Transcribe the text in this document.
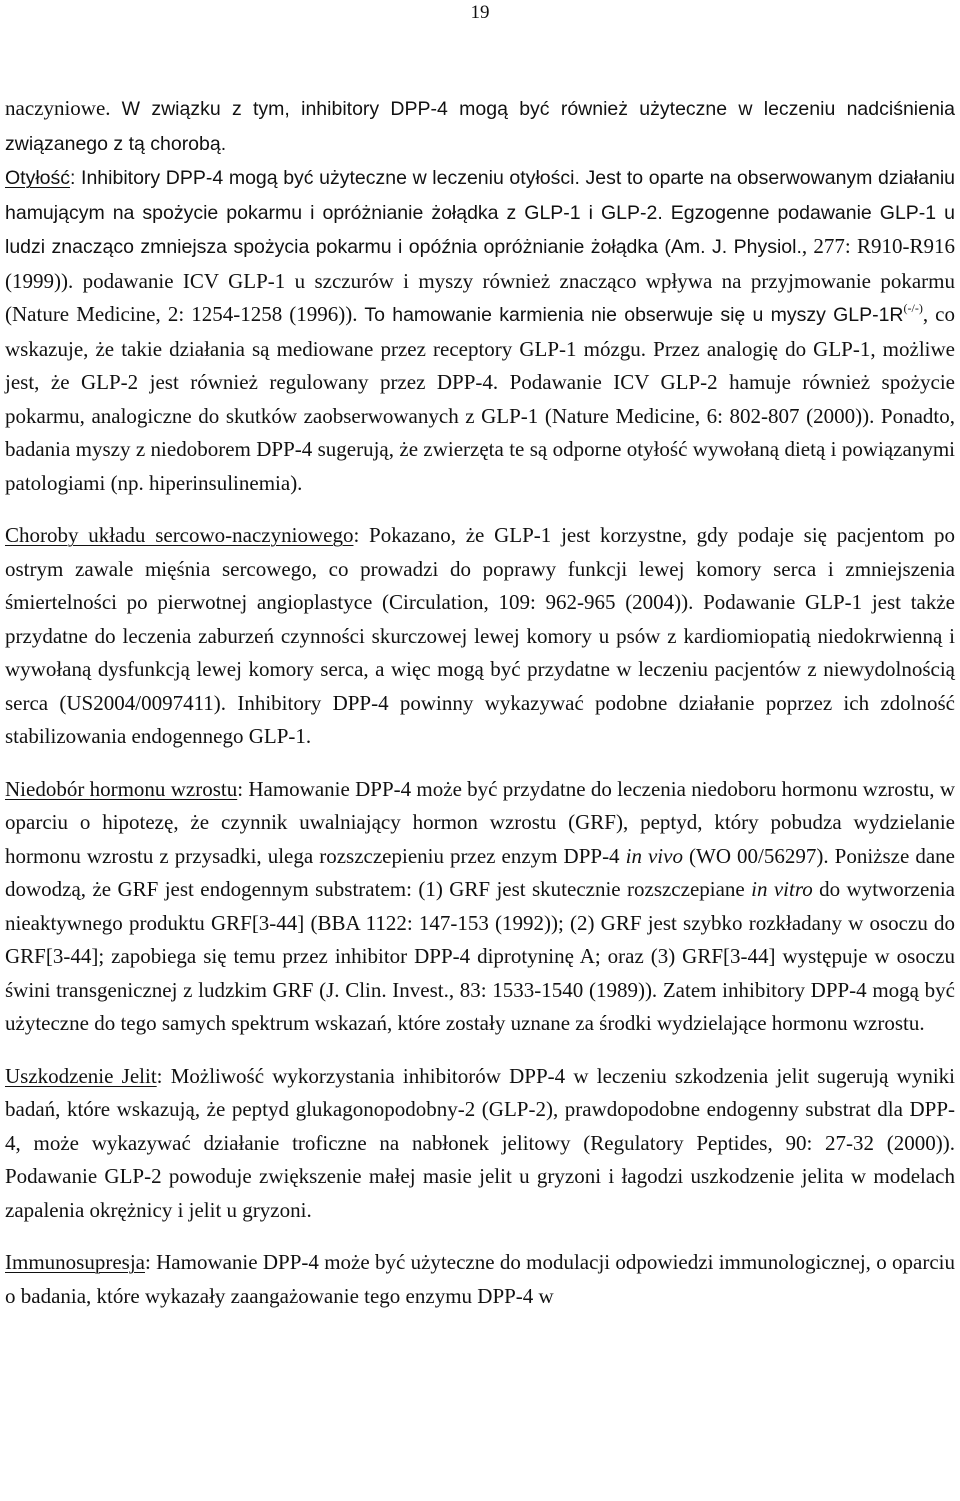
19

naczyniowe. W związku z tym, inhibitory DPP-4 mogą być również użyteczne w leczeniu nadciśnienia związanego z tą chorobą.

Otyłość: Inhibitory DPP-4 mogą być użyteczne w leczeniu otyłości. Jest to oparte na obserwowanym działaniu hamującym na spożycie pokarmu i opróżnianie żołądka z GLP-1 i GLP-2. Egzogenne podawanie GLP-1 u ludzi znacząco zmniejsza spożycia pokarmu i opóźnia opróżnianie żołądka (Am. J. Physiol., 277: R910-R916 (1999)). podawanie ICV GLP-1 u szczurów i myszy również znacząco wpływa na przyjmowanie pokarmu (Nature Medicine, 2: 1254-1258 (1996)). To hamowanie karmienia nie obserwuje się u myszy GLP-1R(-/-), co wskazuje, że takie działania są mediowane przez receptory GLP-1 mózgu. Przez analogię do GLP-1, możliwe jest, że GLP-2 jest również regulowany przez DPP-4. Podawanie ICV GLP-2 hamuje również spożycie pokarmu, analogiczne do skutków zaobserwowanych z GLP-1 (Nature Medicine, 6: 802-807 (2000)). Ponadto, badania myszy z niedoborem DPP-4 sugerują, że zwierzęta te są odporne otyłość wywołaną dietą i powiązanymi patologiami (np. hiperinsulinemia).

Choroby układu sercowo-naczyniowego: Pokazano, że GLP-1 jest korzystne, gdy podaje się pacjentom po ostrym zawale mięśnia sercowego, co prowadzi do poprawy funkcji lewej komory serca i zmniejszenia śmiertelności po pierwotnej angioplastyce (Circulation, 109: 962-965 (2004)). Podawanie GLP-1 jest także przydatne do leczenia zaburzeń czynności skurczowej lewej komory u psów z kardiomiopatią niedokrwienną i wywołaną dysfunkcją lewej komory serca, a więc mogą być przydatne w leczeniu pacjentów z niewydolnością serca (US2004/0097411). Inhibitory DPP-4 powinny wykazywać podobne działanie poprzez ich zdolność stabilizowania endogennego GLP-1.

Niedobór hormonu wzrostu: Hamowanie DPP-4 może być przydatne do leczenia niedoboru hormonu wzrostu, w oparciu o hipotezę, że czynnik uwalniający hormon wzrostu (GRF), peptyd, który pobudza wydzielanie hormonu wzrostu z przysadki, ulega rozszczepieniu przez enzym DPP-4 in vivo (WO 00/56297). Poniższe dane dowodzą, że GRF jest endogennym substratem: (1) GRF jest skutecznie rozszczepiane in vitro do wytworzenia nieaktywnego produktu GRF[3-44] (BBA 1122: 147-153 (1992)); (2) GRF jest szybko rozkładany w osoczu do GRF[3-44]; zapobiega się temu przez inhibitor DPP-4 diprotyninę A; oraz (3) GRF[3-44] występuje w osoczu świni transgenicznej z ludzkim GRF (J. Clin. Invest., 83: 1533-1540 (1989)). Zatem inhibitory DPP-4 mogą być użyteczne do tego samych spektrum wskazań, które zostały uznane za środki wydzielające hormonu wzrostu.

Uszkodzenie Jelit: Możliwość wykorzystania inhibitorów DPP-4 w leczeniu szkodzenia jelit sugerują wyniki badań, które wskazują, że peptyd glukagonopodobny-2 (GLP-2), prawdopodobne endogenny substrat dla DPP-4, może wykazywać działanie troficzne na nabłonek jelitowy (Regulatory Peptides, 90: 27-32 (2000)). Podawanie GLP-2 powoduje zwiększenie małej masie jelit u gryzoni i łagodzi uszkodzenie jelita w modelach zapalenia okrężnicy i jelit u gryzoni.

Immunosupresja: Hamowanie DPP-4 może być użyteczne do modulacji odpowiedzi immunologicznej, o oparciu o badania, które wykazały zaangażowanie tego enzymu DPP-4 w
